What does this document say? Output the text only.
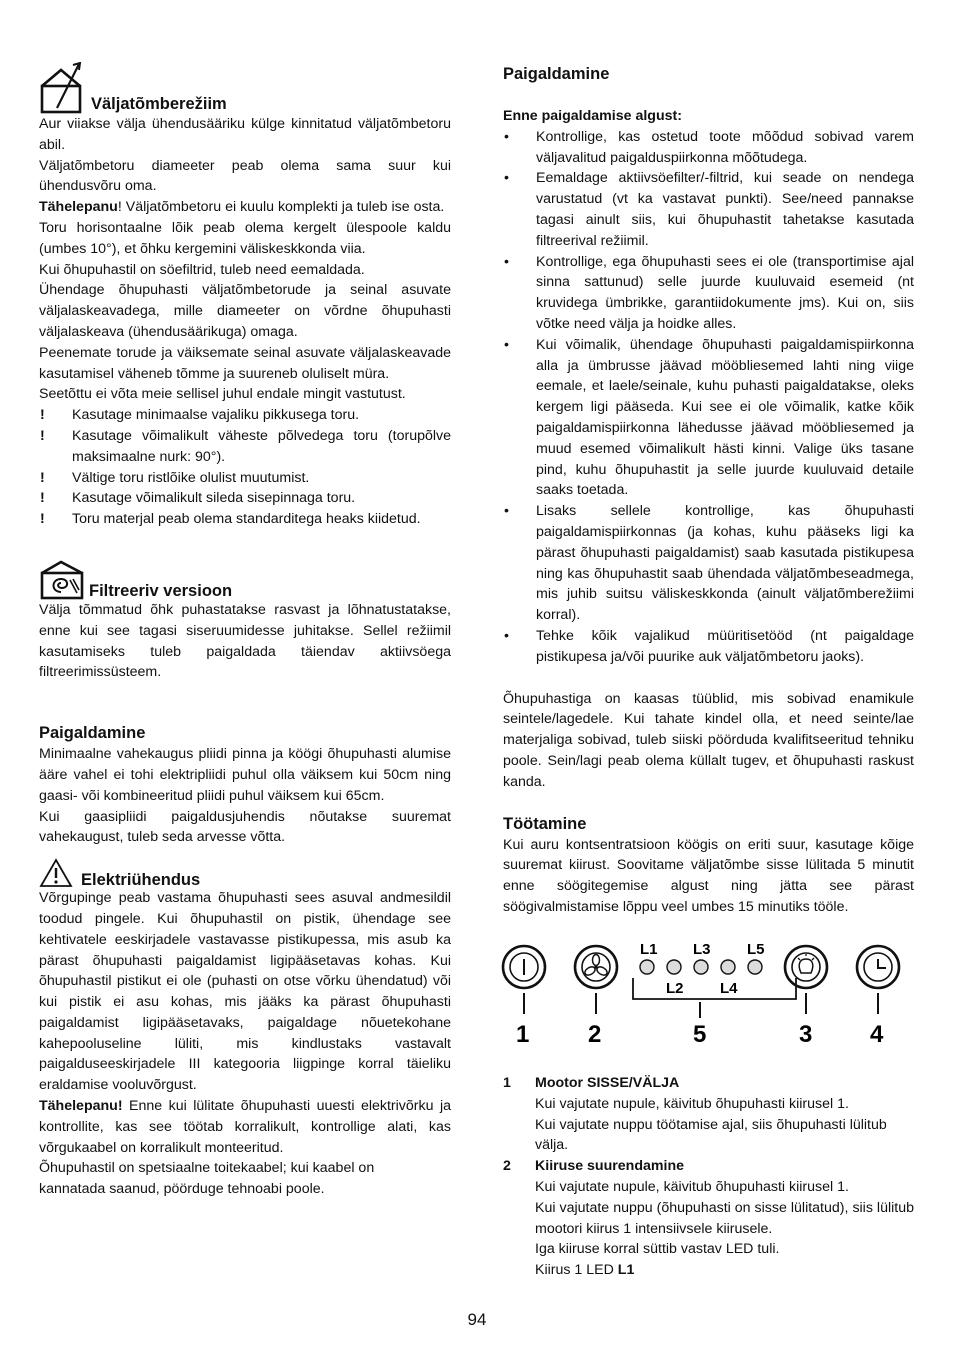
Väljatõmberežiim

Aur viiakse välja ühendusääriku külge kinnitatud väljatõmbetoru abil.

Väljatõmbetoru diameeter peab olema sama suur kui ühendusvõru oma.

Tähelepanu! Väljatõmbetoru ei kuulu komplekti ja tuleb ise osta.

Toru horisontaalne lõik peab olema kergelt ülespoole kaldu (umbes 10°), et õhku kergemini väliskeskkonda viia.

Kui õhupuhastil on söefiltrid, tuleb need eemaldada.

Ühendage õhupuhasti väljatõmbetorude ja seinal asuvate väljalaskeavadega, mille diameeter on võrdne õhupuhasti väljalaskeava (ühendusäärikuga) omaga.

Peenemate torude ja väiksemate seinal asuvate väljalaskeavade kasutamisel väheneb tõmme ja suureneb oluliselt müra.

Seetõttu ei võta meie sellisel juhul endale mingit vastutust.

!	Kasutage minimaalse vajaliku pikkusega toru.
!	Kasutage võimalikult väheste põlvedega toru (torupõlve maksimaalne nurk: 90°).
!	Vältige toru ristlõike olulist muutumist.
!	Kasutage võimalikult sileda sisepinnaga toru.
!	Toru materjal peab olema standarditega heaks kiidetud.
Filtreeriv versioon

Välja tõmmatud õhk puhastatakse rasvast ja lõhnatustatakse, enne kui see tagasi siseruumidesse juhitakse. Sellel režiimil kasutamiseks tuleb paigaldada täiendav aktiivsöega filtreerimissüsteem.

Paigaldamine

Minimaalne vahekaugus pliidi pinna ja köögi õhupuhasti alumise ääre vahel ei tohi elektripliidi puhul olla väiksem kui 50cm ning gaasi- või kombineeritud pliidi puhul väiksem kui 65cm.

Kui gaasipliidi paigaldusjuhendis nõutakse suuremat vahekaugust, tuleb seda arvesse võtta.

Elektriühendus

Võrgupinge peab vastama õhupuhasti sees asuval andmesildil toodud pingele. Kui õhupuhastil on pistik, ühendage see kehtivatele eeskirjadele vastavasse pistikupessa, mis asub ka pärast õhupuhasti paigaldamist ligipääsetavas kohas. Kui õhupuhastil pistikut ei ole (puhasti on otse võrku ühendatud) või kui pistik ei asu kohas, mis jääks ka pärast õhupuhasti paigaldamist ligipääsetavaks, paigaldage nõuetekohane kahepooluseline lüliti, mis kindlustaks vastavalt paigalduseeskirjadele III kategooria liigpinge korral täieliku eraldamise vooluvõrgust.

Tähelepanu! Enne kui lülitate õhupuhasti uuesti elektrivõrku ja kontrollite, kas see töötab korralikult, kontrollige alati, kas võrgukaabel on korralikult monteeritud.

Õhupuhastil on spetsiaalne toitekaabel; kui kaabel on
kannatada saanud, pöörduge tehnoabi poole.

Paigaldamine

Enne paigaldamise algust:

•	Kontrollige, kas ostetud toote mõõdud sobivad varem väljavalitud paigalduspiirkonna mõõtudega.
•	Eemaldage aktiivsöefilter/-filtrid, kui seade on nendega varustatud (vt ka vastavat punkti). See/need pannakse tagasi ainult siis, kui õhupuhastit tahetakse kasutada filtreerival režiimil.
•	Kontrollige, ega õhupuhasti sees ei ole (transportimise ajal sinna sattunud) selle juurde kuuluvaid esemeid (nt kruvidega ümbrikke, garantiidokumente jms). Kui on, siis võtke need välja ja hoidke alles.
•	Kui võimalik, ühendage õhupuhasti paigaldamispiirkonna alla ja ümbrusse jäävad mööbliesemed lahti ning viige eemale, et laele/seinale, kuhu puhasti paigaldatakse, oleks kergem ligi pääseda. Kui see ei ole võimalik, katke kõik paigaldamispiirkonna lähedusse jäävad mööbliesemed ja muud esemed võimalikult hästi kinni. Valige üks tasane pind, kuhu õhupuhastit ja selle juurde kuuluvaid detaile saaks toetada.
•	Lisaks sellele kontrollige, kas õhupuhasti paigaldamispiirkonnas (ja kohas, kuhu pääseks ligi ka pärast õhupuhasti paigaldamist) saab kasutada pistikupesa ning kas õhupuhastit saab ühendada väljatõmbeseadmega, mis juhib suitsu väliskeskkonda (ainult väljatõmberežiimi korral).
•	Tehke kõik vajalikud müüritisetööd (nt paigaldage pistikupesa ja/või puurike auk väljatõmbetoru jaoks).

Õhupuhastiga on kaasas tüüblid, mis sobivad enamikule seintele/lagedele. Kui tahate kindel olla, et need seinte/lae materjaliga sobivad, tuleb siiski pöörduda kvalifitseeritud tehniku poole. Sein/lagi peab olema küllalt tugev, et õhupuhasti raskust kanda.

Töötamine

Kui auru kontsentratsioon köögis on eriti suur, kasutage kõige suuremat kiirust. Soovitame väljatõmbe sisse lülitada 5 minutit enne söögitegemise algust ning jätta see pärast söögivalmistamise lõppu veel umbes 15 minutiks tööle.

L1 L3 L5
L2 L4
1 2	5	3 4
1	Mootor SISSE/VÄLJA

Kui vajutate nupule, käivitub õhupuhasti kiirusel 1.

Kui vajutate nuppu töötamise ajal, siis õhupuhasti lülitub välja.

2	Kiiruse suurendamine

Kui vajutate nupule, käivitub õhupuhasti kiirusel 1.

Kui vajutate nuppu (õhupuhasti on sisse lülitatud), siis lülitub mootori kiirus 1 intensiivsele kiirusele.

Iga kiiruse korral süttib vastav LED tuli.

Kiirus 1 LED L1

94
